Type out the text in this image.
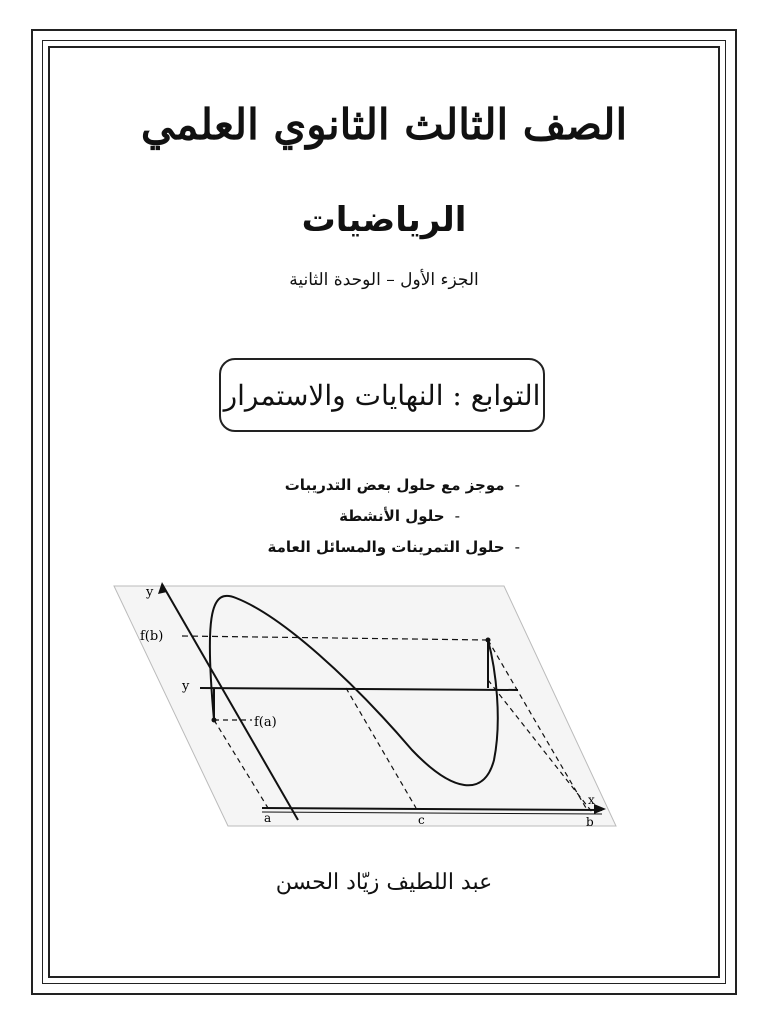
الصف الثالث الثانوي العلمي
الرياضيات
الجزء الأول – الوحدة الثانية
التوابع : النهايات والاستمرار
-موجز مع حلول بعض التدريبات
-حلول الأنشطة
-حلول التمرينات والمسائل العامة
y
x
f(b)
y
f(a)
a	c	b
عبد اللطيف زيّاد الحسن
